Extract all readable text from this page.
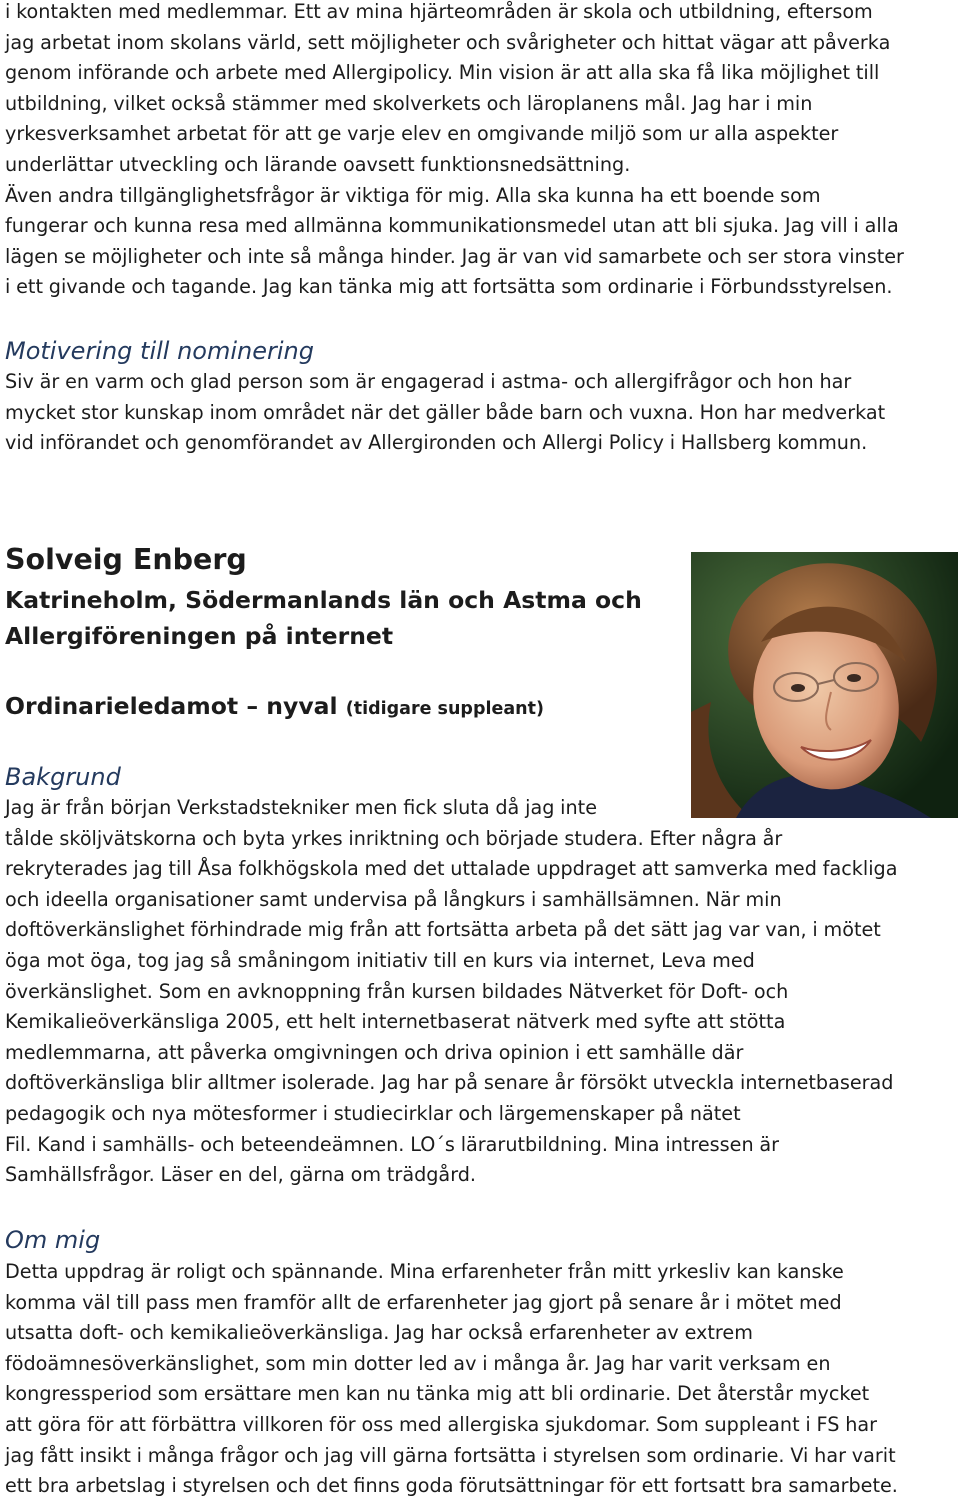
i kontakten med medlemmar. Ett av mina hjärteområden är skola och utbildning, eftersom
jag arbetat inom skolans värld, sett möjligheter och svårigheter och hittat vägar att påverka
genom införande och arbete med Allergipolicy. Min vision är att alla ska få lika möjlighet till
utbildning, vilket också stämmer med skolverkets och läroplanens mål. Jag har i min
yrkesverksamhet arbetat för att ge varje elev en omgivande miljö som ur alla aspekter
underlättar utveckling och lärande oavsett funktionsnedsättning.
Även andra tillgänglighetsfrågor är viktiga för mig. Alla ska kunna ha ett boende som
fungerar och kunna resa med allmänna kommunikationsmedel utan att bli sjuka. Jag vill i alla
lägen se möjligheter och inte så många hinder. Jag är van vid samarbete och ser stora vinster
i ett givande och tagande. Jag kan tänka mig att fortsätta som ordinarie i Förbundsstyrelsen.

Motivering till nominering

Siv är en varm och glad person som är engagerad i astma- och allergifrågor och hon har
mycket stor kunskap inom området när det gäller både barn och vuxna. Hon har medverkat
vid införandet och genomförandet av Allergironden och Allergi Policy i Hallsberg kommun.

Solveig Enberg
Katrineholm, Södermanlands län och Astma och
Allergiföreningen på internet
Ordinarieledamot – nyval (tidigare suppleant)
Bakgrund

Jag är från början Verkstadstekniker men fick sluta då jag inte
tålde sköljvätskorna och byta yrkes inriktning och började studera. Efter några år
rekryterades jag till Åsa folkhögskola med det uttalade uppdraget att samverka med fackliga
och ideella organisationer samt undervisa på långkurs i samhällsämnen. När min
doftöverkänslighet förhindrade mig från att fortsätta arbeta på det sätt jag var van, i mötet
öga mot öga, tog jag så småningom initiativ till en kurs via internet, Leva med
överkänslighet. Som en avknoppning från kursen bildades Nätverket för Doft- och
Kemikalieöverkänsliga 2005, ett helt internetbaserat nätverk med syfte att stötta
medlemmarna, att påverka omgivningen och driva opinion i ett samhälle där
doftöverkänsliga blir alltmer isolerade. Jag har på senare år försökt utveckla internetbaserad
pedagogik och nya mötesformer i studiecirklar och lärgemenskaper på nätet
Fil. Kand i samhälls- och beteendeämnen. LO´s lärarutbildning. Mina intressen är
Samhällsfrågor. Läser en del, gärna om trädgård.

Om mig

Detta uppdrag är roligt och spännande. Mina erfarenheter från mitt yrkesliv kan kanske
komma väl till pass men framför allt de erfarenheter jag gjort på senare år i mötet med
utsatta doft- och kemikalieöverkänsliga. Jag har också erfarenheter av extrem
födoämnesöverkänslighet, som min dotter led av i många år. Jag har varit verksam en
kongressperiod som ersättare men kan nu tänka mig att bli ordinarie. Det återstår mycket
att göra för att förbättra villkoren för oss med allergiska sjukdomar. Som suppleant i FS har
jag fått insikt i många frågor och jag vill gärna fortsätta i styrelsen som ordinarie. Vi har varit
ett bra arbetslag i styrelsen och det finns goda förutsättningar för ett fortsatt bra samarbete.
